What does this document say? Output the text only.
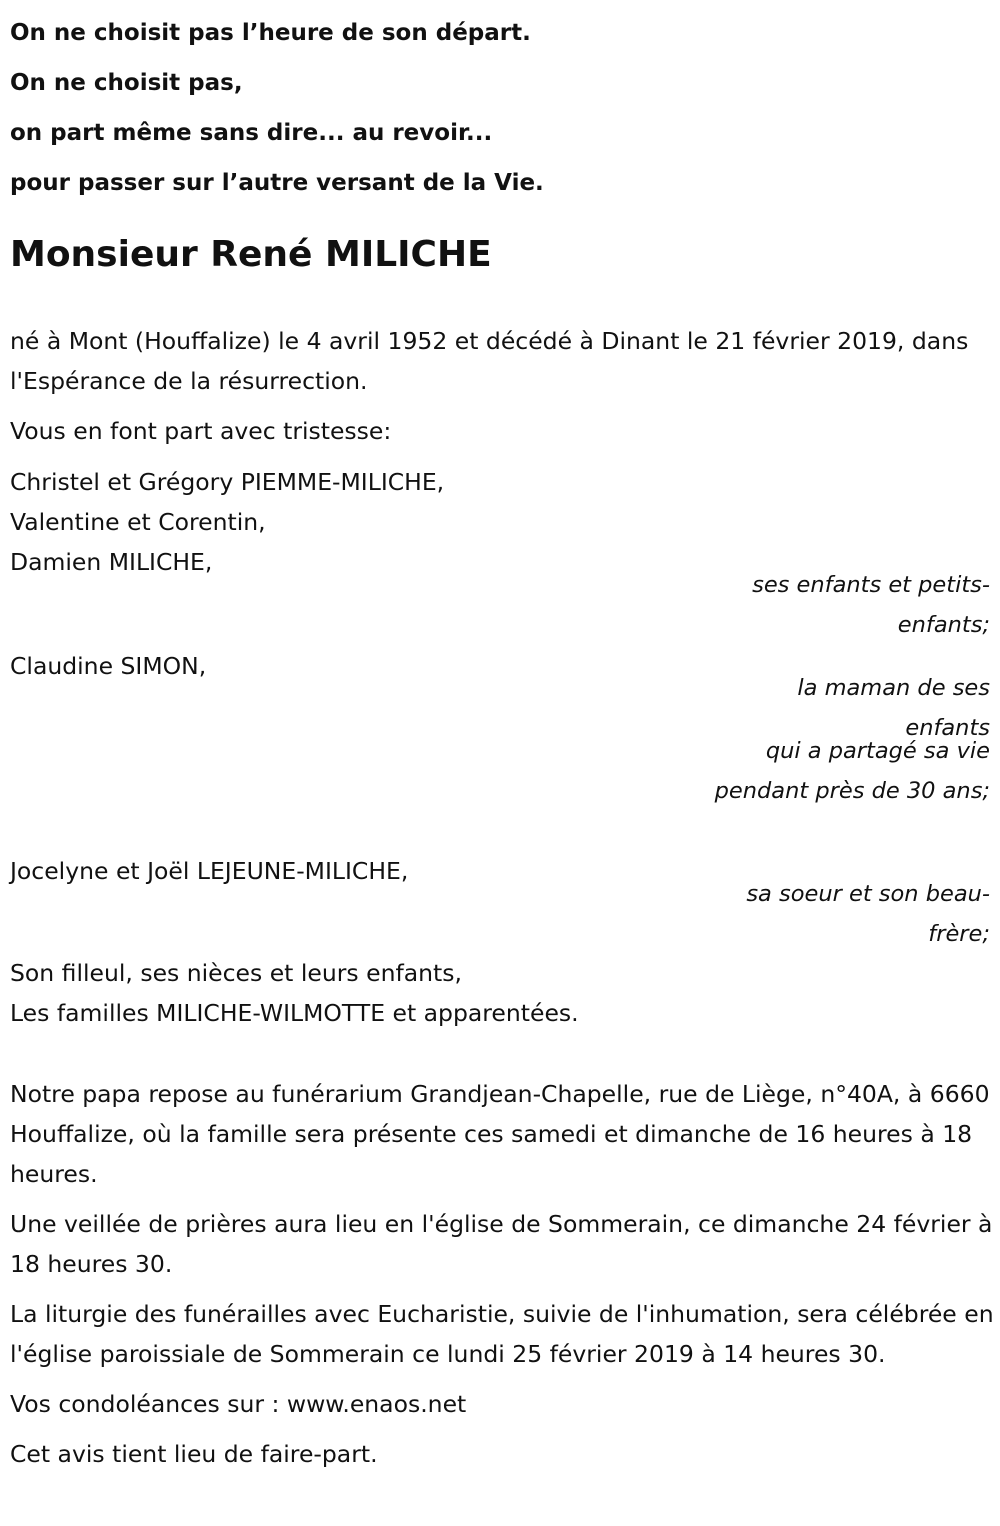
On ne choisit pas l’heure de son départ.
On ne choisit pas,
on part même sans dire... au revoir...
pour passer sur l’autre versant de la Vie.
Monsieur René MILICHE

né à Mont (Houffalize) le 4 avril 1952 et décédé à Dinant le 21 février 2019, dans l'Espérance de la résurrection.

Vous en font part avec tristesse:

Christel et Grégory PIEMME-MILICHE,

Valentine et Corentin,

Damien MILICHE,

ses enfants et petits-enfants;
Claudine SIMON,
la maman de ses enfants
qui a partagé sa vie pendant près de 30 ans;
Jocelyne et Joël LEJEUNE-MILICHE,
sa soeur et son beau-frère;

Son filleul, ses nièces et leurs enfants,

Les familles MILICHE-WILMOTTE et apparentées.

Notre papa repose au funérarium Grandjean-Chapelle, rue de Liège, n°40A, à 6660 Houffalize, où la famille sera présente ces samedi et dimanche de 16 heures à 18 heures.

Une veillée de prières aura lieu en l'église de Sommerain, ce dimanche 24 février à 18 heures 30.

La liturgie des funérailles avec Eucharistie, suivie de l'inhumation, sera célébrée en l'église paroissiale de Sommerain ce lundi 25 février 2019 à 14 heures 30.

Vos condoléances sur : www.enaos.net

Cet avis tient lieu de faire-part.
